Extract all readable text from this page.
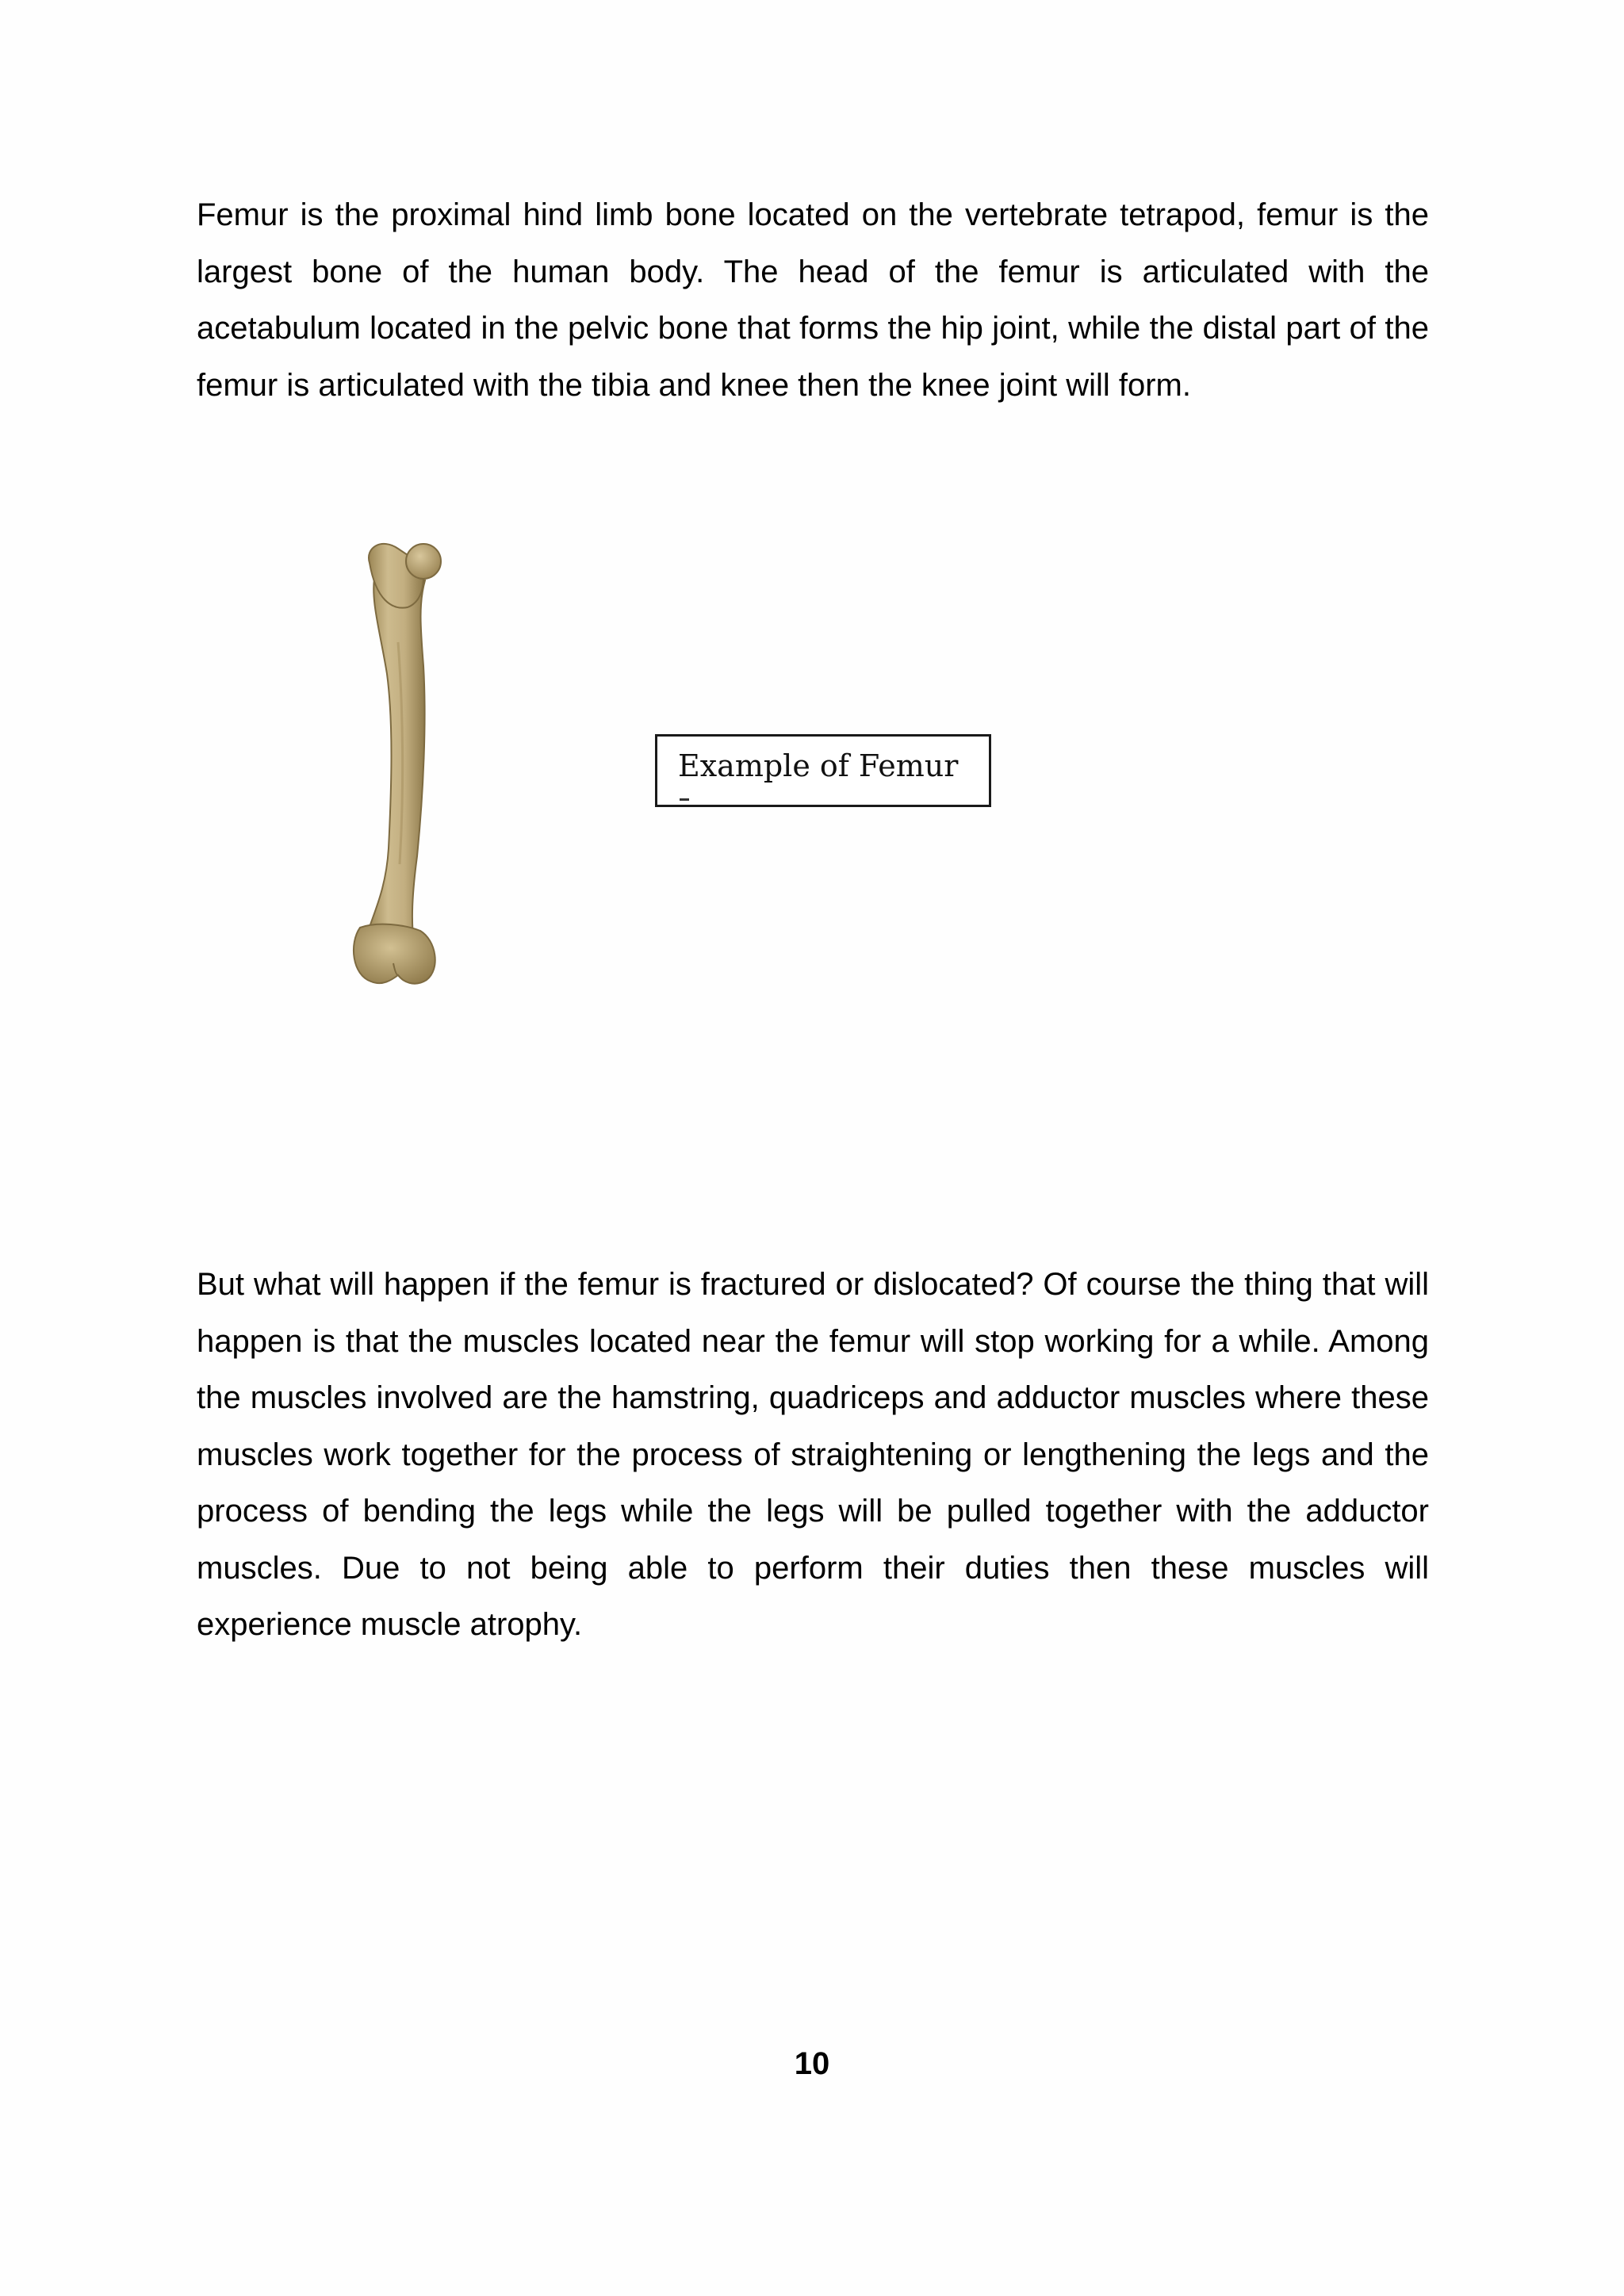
Femur is the proximal hind limb bone located on the vertebrate tetrapod, femur is the largest bone of the human body. The head of the femur is articulated with the acetabulum located in the pelvic bone that forms the hip joint, while the distal part of the femur is articulated with the tibia and knee then the knee joint will form.

Example of Femur

But what will happen if the femur is fractured or dislocated? Of course the thing that will happen is that the muscles located near the femur will stop working for a while. Among the muscles involved are the hamstring, quadriceps and adductor muscles where these muscles work together for the process of straightening or lengthening the legs and the process of bending the legs while the legs will be pulled together with the adductor muscles. Due to not being able to perform their duties then these muscles will experience muscle atrophy.

10
